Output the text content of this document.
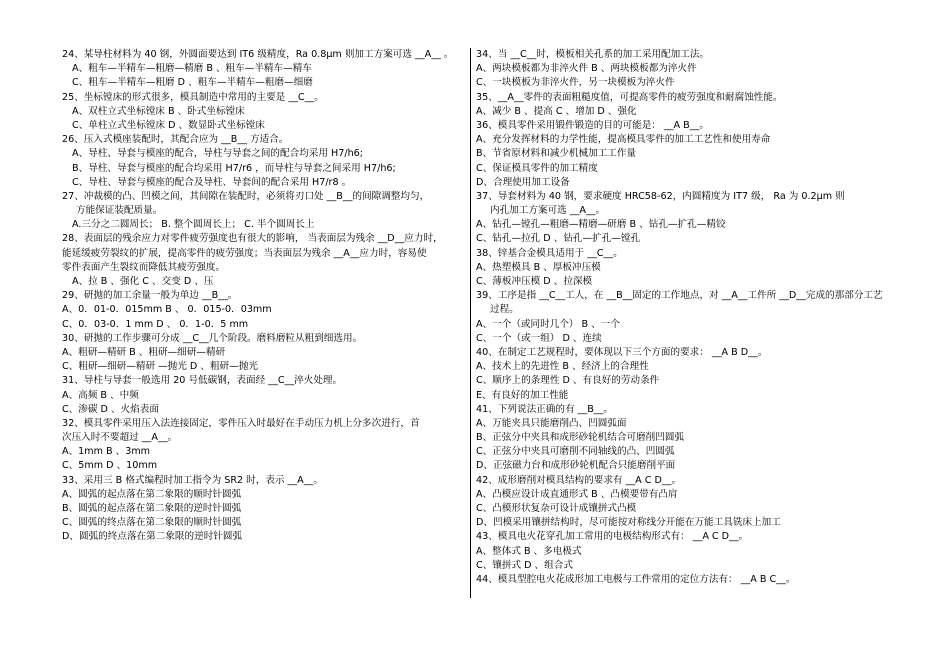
24、某导柱材料为 40 钢，外圆面要达到 IT6 级精度，Ra 0.8μm 则加工方案可选 __A__ 。
A、粗车—半精车—粗磨—精磨 B 、粗车—半精车—精车
C、粗车—半精车—粗磨 D 、粗车—半精车—粗磨—细磨
25、坐标镗床的形式很多，模具制造中常用的主要是 __C__。
A、双柱立式坐标镗床 B 、卧式坐标镗床
C、单柱立式坐标镗床 D 、数显卧式坐标镗床
26、压入式模座装配时，其配合应为 __B__ 方适合。
A、导柱、导套与模座的配合，导柱与导套之间的配合均采用 H7/h6;
B、导柱、导套与模座的配合均采用 H7/r6 ，而导柱与导套之间采用 H7/h6;
C、导柱、导套与模座的配合及导柱、导套间的配合采用 H7/r8 。
27、冲裁模的凸、凹模之间，其间隙在装配时，必须将刃口处 __B__的间隙调整均匀，
方能保证装配质量。
A.三分之二圆周长； B. 整个圆周长上； C. 半个圆周长上
28、表面层的残余应力对零件疲劳强度也有很大的影响， 当表面层为残余 __D__应力时，
能延缓疲劳裂纹的扩展，提高零件的疲劳强度；当表面层为残余 __A__应力时，容易使
零件表面产生裂纹而降低其疲劳强度。
A、拉 B 、强化 C 、交变 D 、压
29、研抛的加工余量一般为单边 __B__。
A、0．01-0．015mm B 、 0．015-0．03mm
C、0．03-0．1 mm D 、 0．1-0．5 mm
30、研抛的工作步骤可分成 __C__几个阶段。磨料磨粒从粗到细选用。
A、粗研—精研 B 、粗研—细研—精研
C、粗研—细研—精研 —抛光 D 、粗研—抛光
31、导柱与导套一般选用 20 号低碳钢，表面经 __C__淬火处理。
A、高频 B 、中频
C、渗碳 D 、火焰表面
32、模具零件采用压入法连接固定，零件压入时最好在手动压力机上分多次进行，首
次压入时不要超过 __A__。
A、1mm B 、3mm
C、5mm D 、10mm
33、采用三 B 格式编程时加工指令为 SR2 时，表示 __A__。
A、圆弧的起点落在第二象限的顺时针圆弧
B、圆弧的起点落在第二象限的逆时针圆弧
C、圆弧的终点落在第二象限的顺时针圆弧
D、圆弧的终点落在第二象限的逆时针圆弧
34、当 __C__时，模板相关孔系的加工采用配加工法。
A、两块模板都为非淬火件 B 、两块模板都为淬火件
C、一块模板为非淬火件，另一块模板为淬火件
35、__A__零件的表面粗糙度值，可提高零件的疲劳强度和耐腐蚀性能。
A、减少 B 、提高 C 、增加 D 、强化
36、模具零件采用锻件锻造的目的可能是： __A B__。
A、充分发挥材料的力学性能，提高模具零件的加工工艺性和使用寿命
B、节省原材料和减少机械加工工作量
C、保证模具零件的加工精度
D、合理使用加工设备
37、导套材料为 40 钢，要求硬度 HRC58-62，内圆精度为 IT7 级， Ra 为 0.2μm 则
内孔加工方案可选 __A__。
A、钻孔—镗孔—粗磨—精磨—研磨 B 、钻孔—扩孔—精铰
C、钻孔—拉孔 D 、钻孔—扩孔—镗孔
38、锌基合金模具适用于 __C__。
A、热塑模具 B 、厚板冲压模
C、薄板冲压模 D 、拉深模
39、工序是指 __C__工人，在 __B__固定的工作地点，对 __A__工件所 __D__完成的那部分工艺
过程。
A、一个（或同时几个） B 、一个
C、一个（或一组） D 、连续
40、在制定工艺规程时，要体现以下三个方面的要求： __A B D__。
A、技术上的先进性 B 、经济上的合理性
C、顺序上的条理性 D 、有良好的劳动条件
E、有良好的加工性能
41、下列说法正确的有 __B__。
A、万能夹具只能磨削凸、凹圆弧面
B、正弦分中夹具和成形砂轮机结合可磨削凹圆弧
C、正弦分中夹具可磨削不同轴线的凸、凹圆弧
D、正弦磁力台和成形砂轮机配合只能磨削平面
42、成形磨削对模具结构的要求有 __A C D__。
A、凸模应设计成直通形式 B 、凸模要带有凸肩
C、凸模形状复杂可设计成镶拼式凸模
D、凹模采用镶拼结构时，尽可能按对称线分开能在万能工具铣床上加工
43、模具电火花穿孔加工常用的电极结构形式有： __A C D__。
A、整体式 B 、多电极式
C、镶拼式 D 、组合式
44、模具型腔电火花成形加工电极与工件常用的定位方法有： __A B C__。
